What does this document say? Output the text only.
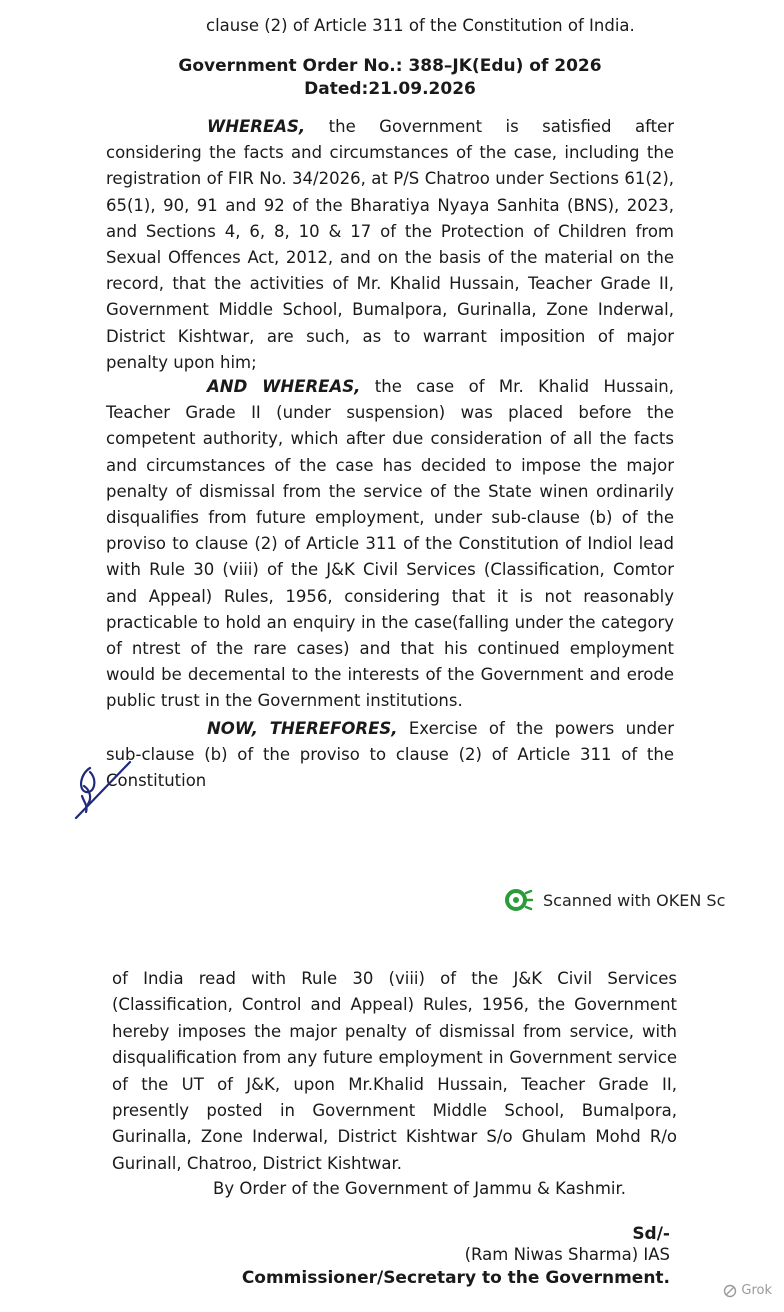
clause (2) of Article 311 of the Constitution of India.
Government Order No.: 388–JK(Edu) of 2026
Dated:21.09.2026

WHEREAS, the Government is satisfied after considering the facts and circumstances of the case, including the registration of FIR No. 34/2026, at P/S Chatroo under Sections 61(2), 65(1), 90, 91 and 92 of the Bharatiya Nyaya Sanhita (BNS), 2023, and Sections 4, 6, 8, 10 & 17 of the Protection of Children from Sexual Offences Act, 2012, and on the basis of the material on the record, that the activities of Mr. Khalid Hussain, Teacher Grade II, Government Middle School, Bumalpora, Gurinalla, Zone Inderwal, District Kishtwar, are such, as to warrant imposition of major penalty upon him;

AND WHEREAS, the case of Mr. Khalid Hussain, Teacher Grade II (under suspension) was placed before the competent authority, which after due consideration of all the facts and circumstances of the case has decided to impose the major penalty of dismissal from the service of the State winen ordinarily disqualifies from future employment, under sub-clause (b) of the proviso to clause (2) of Article 311 of the Constitution of Indiol lead with Rule 30 (viii) of the J&K Civil Services (Classification, Comtor and Appeal) Rules, 1956, considering that it is not reasonably practicable to hold an enquiry in the case(falling under the category of ntrest of the rare cases) and that his continued employment would be decemental to the interests of the Government and erode public trust in the Government institutions.

NOW, THEREFORES, Exercise of the powers under sub-clause (b) of the proviso to clause (2) of Article 311 of the Constitution

Scanned with OKEN Sc

of India read with Rule 30 (viii) of the J&K Civil Services (Classification, Control and Appeal) Rules, 1956, the Government hereby imposes the major penalty of dismissal from service, with disqualification from any future employment in Government service of the UT of J&K, upon Mr.Khalid Hussain, Teacher Grade II, presently posted in Government Middle School, Bumalpora, Gurinalla, Zone Inderwal, District Kishtwar S/o Ghulam Mohd R/o Gurinall, Chatroo, District Kishtwar.

By Order of the Government of Jammu & Kashmir.
Sd/-
(Ram Niwas Sharma) IAS
Commissioner/Secretary to the Government.
Grok
